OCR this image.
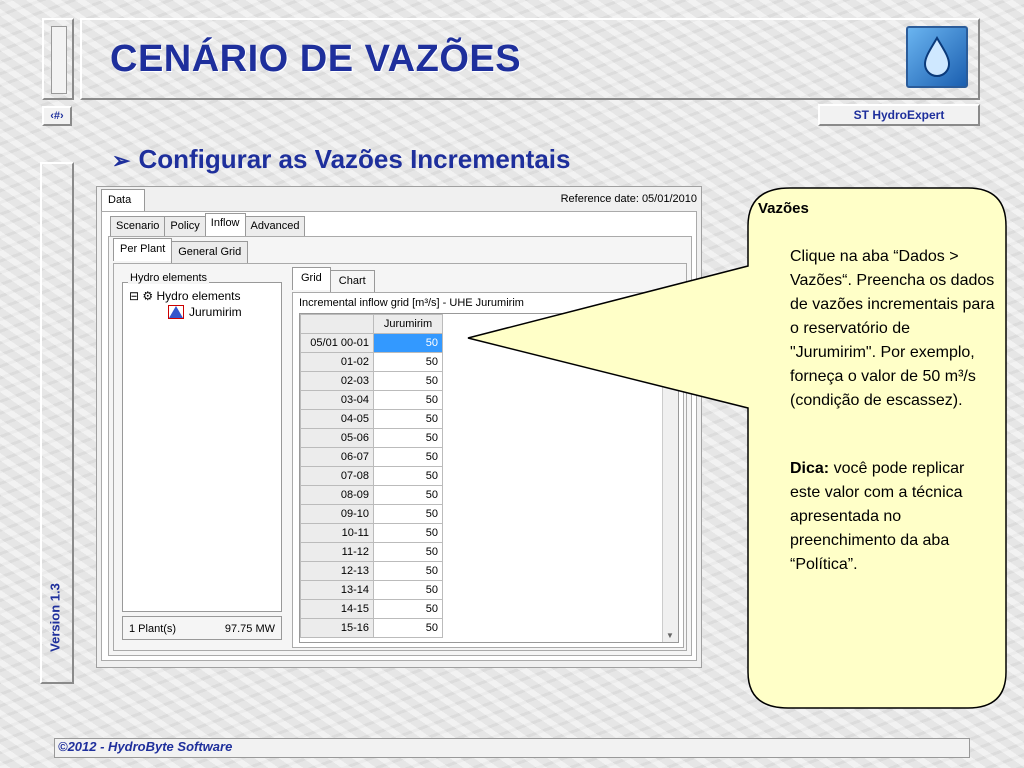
CENÁRIO DE VAZÕES
‹#›	ST HydroExpert
Version 1.3
➢ Configurar as Vazões Incrementais
Data	Reference date: 05/01/2010
Scenario	Policy	Inflow	Advanced
Per Plant	General Grid
⊟ ⚙ Hydro elements
Jurumirim
Hydro elements
1 Plant(s)	97.75 MW
Grid	Chart
Incremental inflow grid [m³/s] - UHE Jurumirim
	Jurumirim
05/01 00-01	50
01-02	50
02-03	50
03-04	50
04-05	50
05-06	50
06-07	50
07-08	50
08-09	50
09-10	50
10-11	50
11-12	50
12-13	50
13-14	50
14-15	50
15-16	50
▼
Vazões
Clique na aba “Dados > Vazões“. Preencha os dados de vazões incrementais para o reservatório de "Jurumirim". Por exemplo, forneça o valor de 50 m³/s (condição de escassez).
Dica: você pode replicar este valor com a técnica apresentada no preenchimento da aba “Política”.
©2012 - HydroByte Software
